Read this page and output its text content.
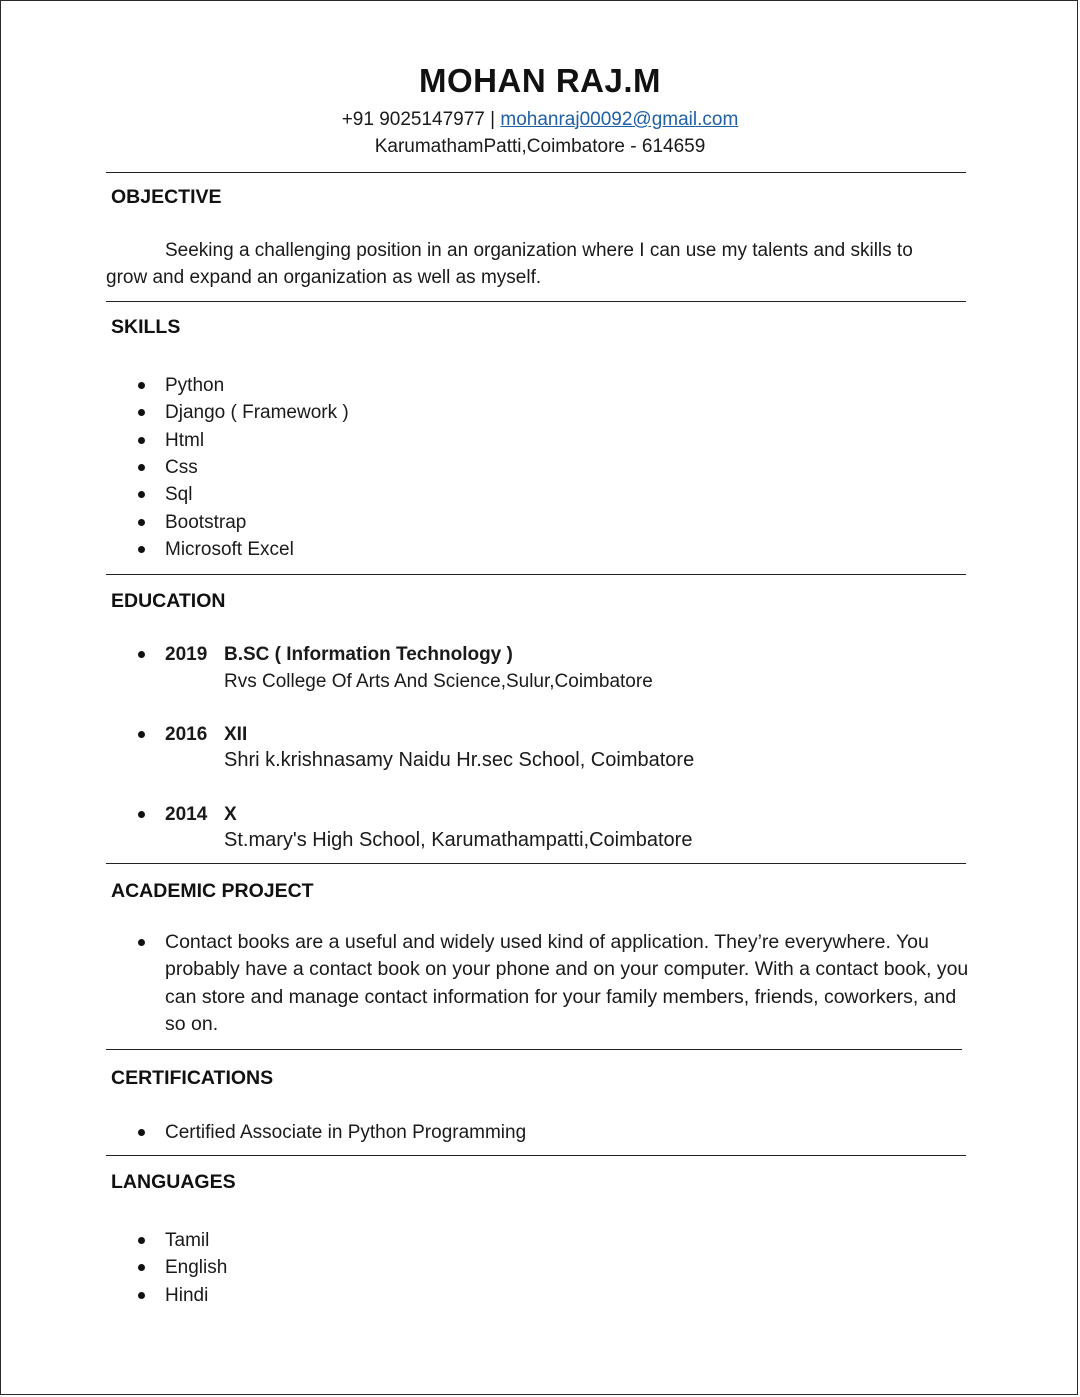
MOHAN RAJ.M
+91 9025147977 | mohanraj00092@gmail.com
KarumathamPatti,Coimbatore - 614659
OBJECTIVE
Seeking a challenging position in an organization where I can use my talents and skills to grow and expand an organization as well as myself.
SKILLS
Python
Django ( Framework )
Html
Css
Sql
Bootstrap
Microsoft Excel
EDUCATION
2019 B.SC ( Information Technology )
Rvs College Of Arts And Science,Sulur,Coimbatore
2016 XII
Shri k.krishnasamy Naidu Hr.sec School, Coimbatore
2014 X
St.mary's High School, Karumathampatti,Coimbatore
ACADEMIC PROJECT
Contact books are a useful and widely used kind of application. They’re everywhere. You probably have a contact book on your phone and on your computer. With a contact book, you can store and manage contact information for your family members, friends, coworkers, and so on.
CERTIFICATIONS
Certified Associate in Python Programming
LANGUAGES
Tamil
English
Hindi
